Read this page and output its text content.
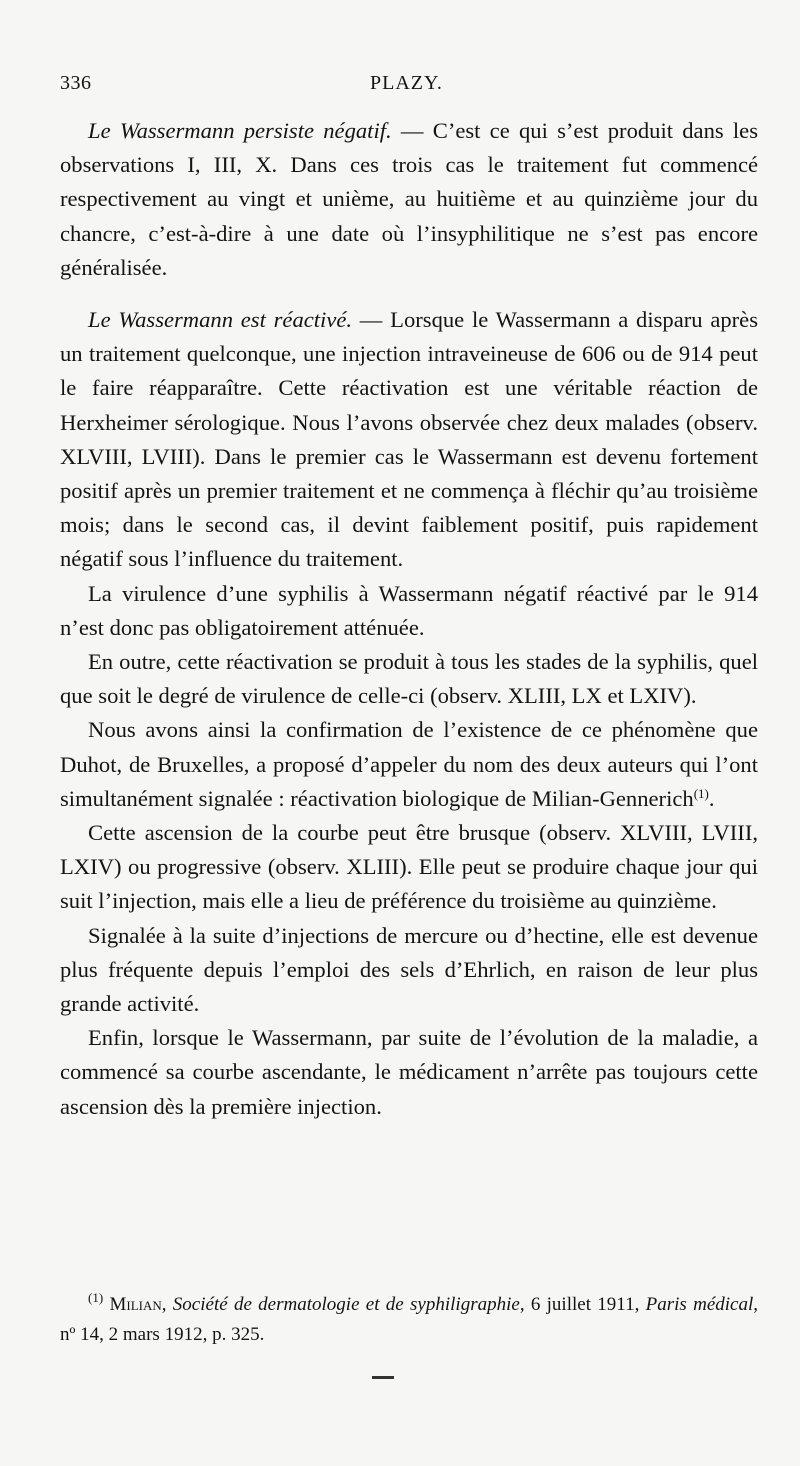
336	PLAZY.

Le Wassermann persiste négatif. — C’est ce qui s’est produit dans les observations I, III, X. Dans ces trois cas le traitement fut commencé respectivement au vingt et unième, au huitième et au quinzième jour du chancre, c’est-à-dire à une date où l’insyphilitique ne s’est pas encore généralisée.

Le Wassermann est réactivé. — Lorsque le Wassermann a disparu après un traitement quelconque, une injection intraveineuse de 606 ou de 914 peut le faire réapparaître. Cette réactivation est une véritable réaction de Herxheimer sérologique. Nous l’avons observée chez deux malades (observ. XLVIII, LVIII). Dans le premier cas le Wassermann est devenu fortement positif après un premier traitement et ne commença à fléchir qu’au troisième mois; dans le second cas, il devint faiblement positif, puis rapidement négatif sous l’influence du traitement.

La virulence d’une syphilis à Wassermann négatif réactivé par le 914 n’est donc pas obligatoirement atténuée.

En outre, cette réactivation se produit à tous les stades de la syphilis, quel que soit le degré de virulence de celle-ci (observ. XLIII, LX et LXIV).

Nous avons ainsi la confirmation de l’existence de ce phénomène que Duhot, de Bruxelles, a proposé d’appeler du nom des deux auteurs qui l’ont simultanément signalée : réactivation biologique de Milian-Gennerich$^{(1)}$.

Cette ascension de la courbe peut être brusque (observ. XLVIII, LVIII, LXIV) ou progressive (observ. XLIII). Elle peut se produire chaque jour qui suit l’injection, mais elle a lieu de préférence du troisième au quinzième.

Signalée à la suite d’injections de mercure ou d’hectine, elle est devenue plus fréquente depuis l’emploi des sels d’Ehrlich, en raison de leur plus grande activité.

Enfin, lorsque le Wassermann, par suite de l’évolution de la maladie, a commencé sa courbe ascendante, le médicament n’arrête pas toujours cette ascension dès la première injection.

$^{(1)}$ Milian, Société de dermatologie et de syphiligraphie, 6 juillet 1911, Paris médical, nº 14, 2 mars 1912, p. 325.
